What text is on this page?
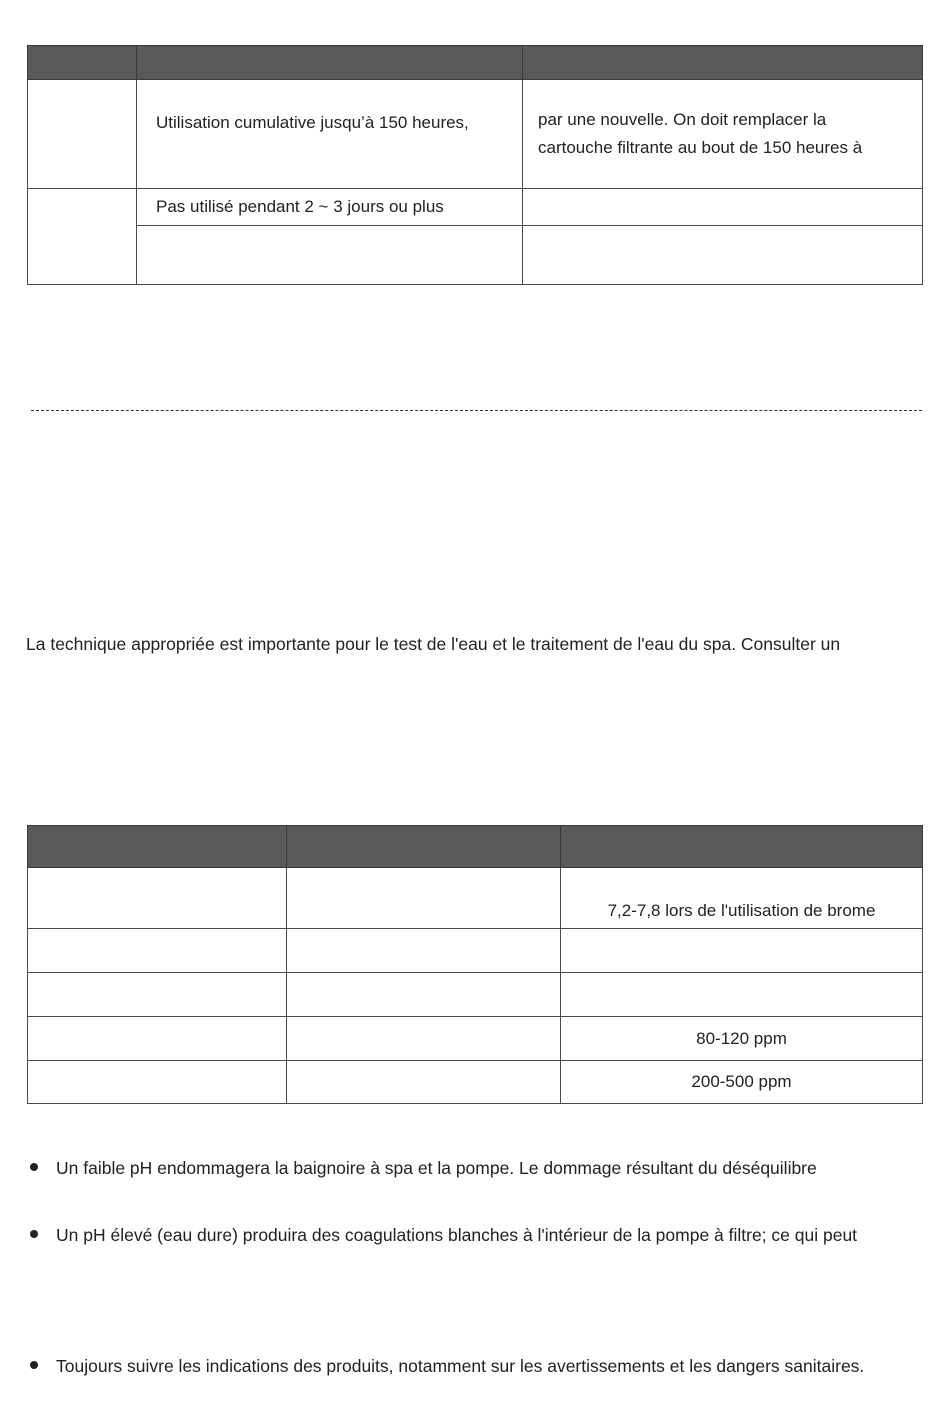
	Utilisation cumulative jusqu’à 150 heures,	par une nouvelle. On doit remplacer la
cartouche filtrante au bout de 150 heures à

	Pas utilisé pendant 2 ~ 3 jours ou plus	

La technique appropriée est importante pour le test de l'eau et le traitement de l'eau du spa. Consulter un

		7,2-7,8 lors de l'utilisation de brome

		80-120 ppm
		200-500 ppm
Un faible pH endommagera la baignoire à spa et la pompe. Le dommage résultant du déséquilibre
Un pH élevé (eau dure) produira des coagulations blanches à l'intérieur de la pompe à filtre; ce qui peut
Toujours suivre les indications des produits, notamment sur les avertissements et les dangers sanitaires.
